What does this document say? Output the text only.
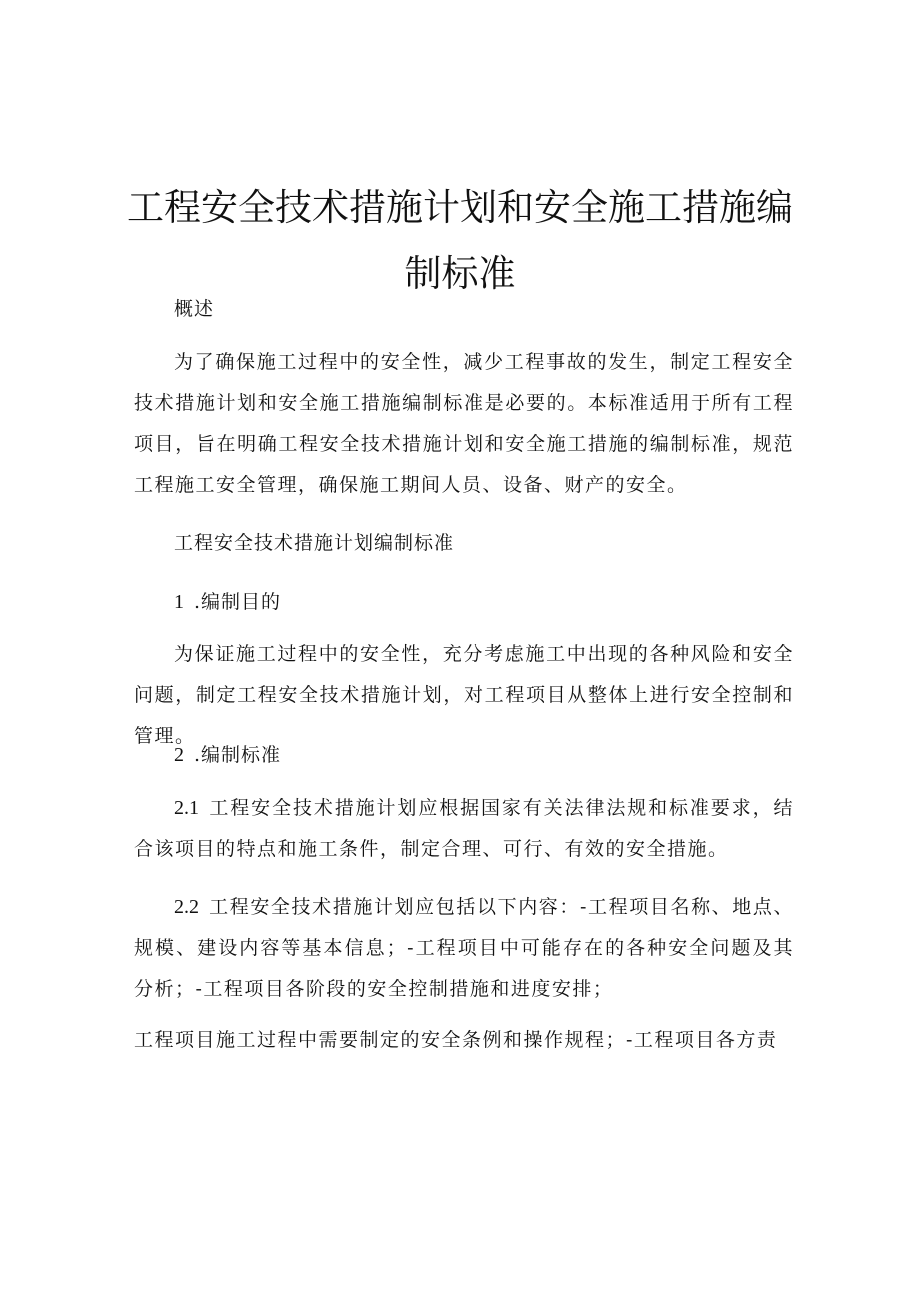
工程安全技术措施计划和安全施工措施编制标准

概述

为了确保施工过程中的安全性，减少工程事故的发生，制定工程安全技术措施计划和安全施工措施编制标准是必要的。本标准适用于所有工程项目，旨在明确工程安全技术措施计划和安全施工措施的编制标准，规范工程施工安全管理，确保施工期间人员、设备、财产的安全。

工程安全技术措施计划编制标准

1 .编制目的

为保证施工过程中的安全性，充分考虑施工中出现的各种风险和安全问题，制定工程安全技术措施计划，对工程项目从整体上进行安全控制和管理。

2 .编制标准

2.1 工程安全技术措施计划应根据国家有关法律法规和标准要求，结合该项目的特点和施工条件，制定合理、可行、有效的安全措施。

2.2 工程安全技术措施计划应包括以下内容：-工程项目名称、地点、规模、建设内容等基本信息；-工程项目中可能存在的各种安全问题及其分析；-工程项目各阶段的安全控制措施和进度安排；

工程项目施工过程中需要制定的安全条例和操作规程；-工程项目各方责
